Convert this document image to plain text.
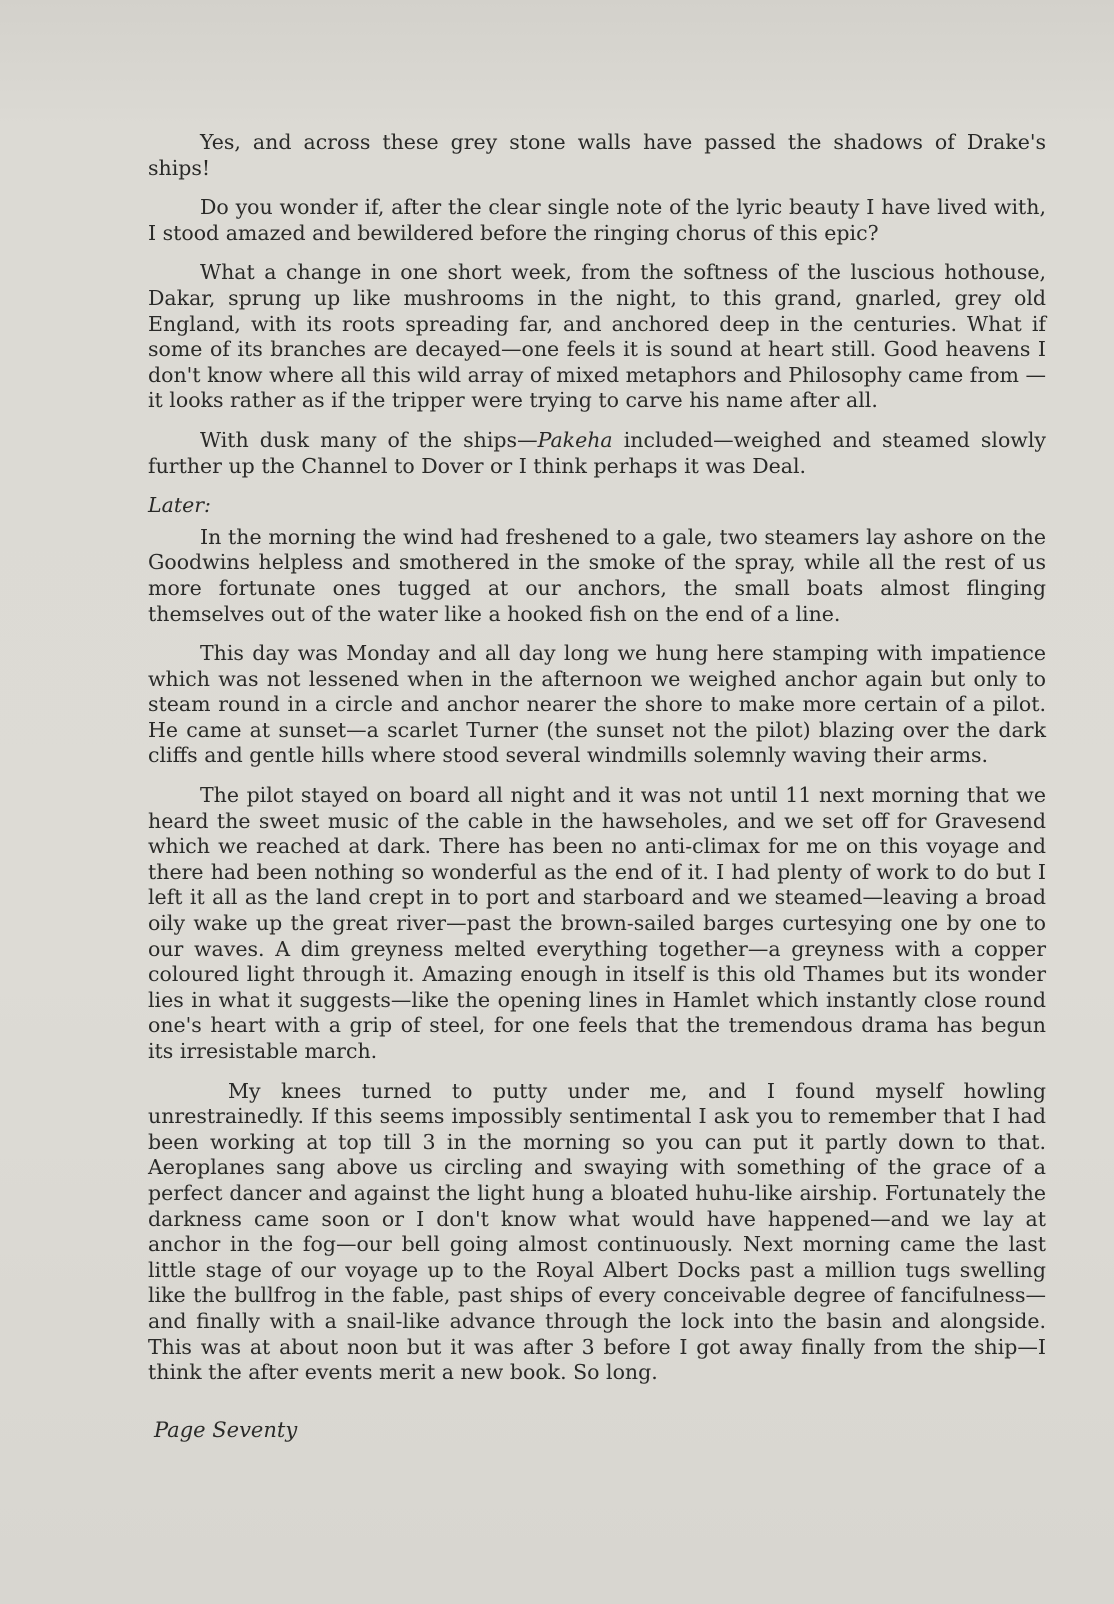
Yes, and across these grey stone walls have passed the shadows of Drake's ships!

Do you wonder if, after the clear single note of the lyric beauty I have lived with, I stood amazed and bewildered before the ringing chorus of this epic?

What a change in one short week, from the softness of the luscious hothouse, Dakar, sprung up like mushrooms in the night, to this grand, gnarled, grey old England, with its roots spreading far, and anchored deep in the centuries. What if some of its branches are decayed—one feels it is sound at heart still. Good heavens I don't know where all this wild array of mixed metaphors and Philosophy came from —it looks rather as if the tripper were trying to carve his name after all.

With dusk many of the ships—Pakeha included—weighed and steamed slowly further up the Channel to Dover or I think perhaps it was Deal.

Later:

In the morning the wind had freshened to a gale, two steamers lay ashore on the Goodwins helpless and smothered in the smoke of the spray, while all the rest of us more fortunate ones tugged at our anchors, the small boats almost flinging themselves out of the water like a hooked fish on the end of a line.

This day was Monday and all day long we hung here stamping with impatience which was not lessened when in the afternoon we weighed anchor again but only to steam round in a circle and anchor nearer the shore to make more certain of a pilot. He came at sunset—a scarlet Turner (the sunset not the pilot) blazing over the dark cliffs and gentle hills where stood several windmills solemnly waving their arms.

The pilot stayed on board all night and it was not until 11 next morning that we heard the sweet music of the cable in the hawseholes, and we set off for Gravesend which we reached at dark. There has been no anti-climax for me on this voyage and there had been nothing so wonderful as the end of it. I had plenty of work to do but I left it all as the land crept in to port and starboard and we steamed—leaving a broad oily wake up the great river—past the brown-sailed barges curtesying one by one to our waves. A dim greyness melted everything together—a greyness with a copper coloured light through it. Amazing enough in itself is this old Thames but its wonder lies in what it suggests—like the opening lines in Hamlet which instantly close round one's heart with a grip of steel, for one feels that the tremendous drama has begun its irresistable march.

My knees turned to putty under me, and I found myself howling unrestrainedly. If this seems impossibly sentimental I ask you to remember that I had been working at top till 3 in the morning so you can put it partly down to that. Aeroplanes sang above us circling and swaying with something of the grace of a perfect dancer and against the light hung a bloated huhu-like airship. Fortunately the darkness came soon or I don't know what would have happened—and we lay at anchor in the fog—our bell going almost continuously. Next morning came the last little stage of our voyage up to the Royal Albert Docks past a million tugs swelling like the bullfrog in the fable, past ships of every conceivable degree of fancifulness—and finally with a snail-like advance through the lock into the basin and alongside. This was at about noon but it was after 3 before I got away finally from the ship—I think the after events merit a new book. So long.

Page Seventy
